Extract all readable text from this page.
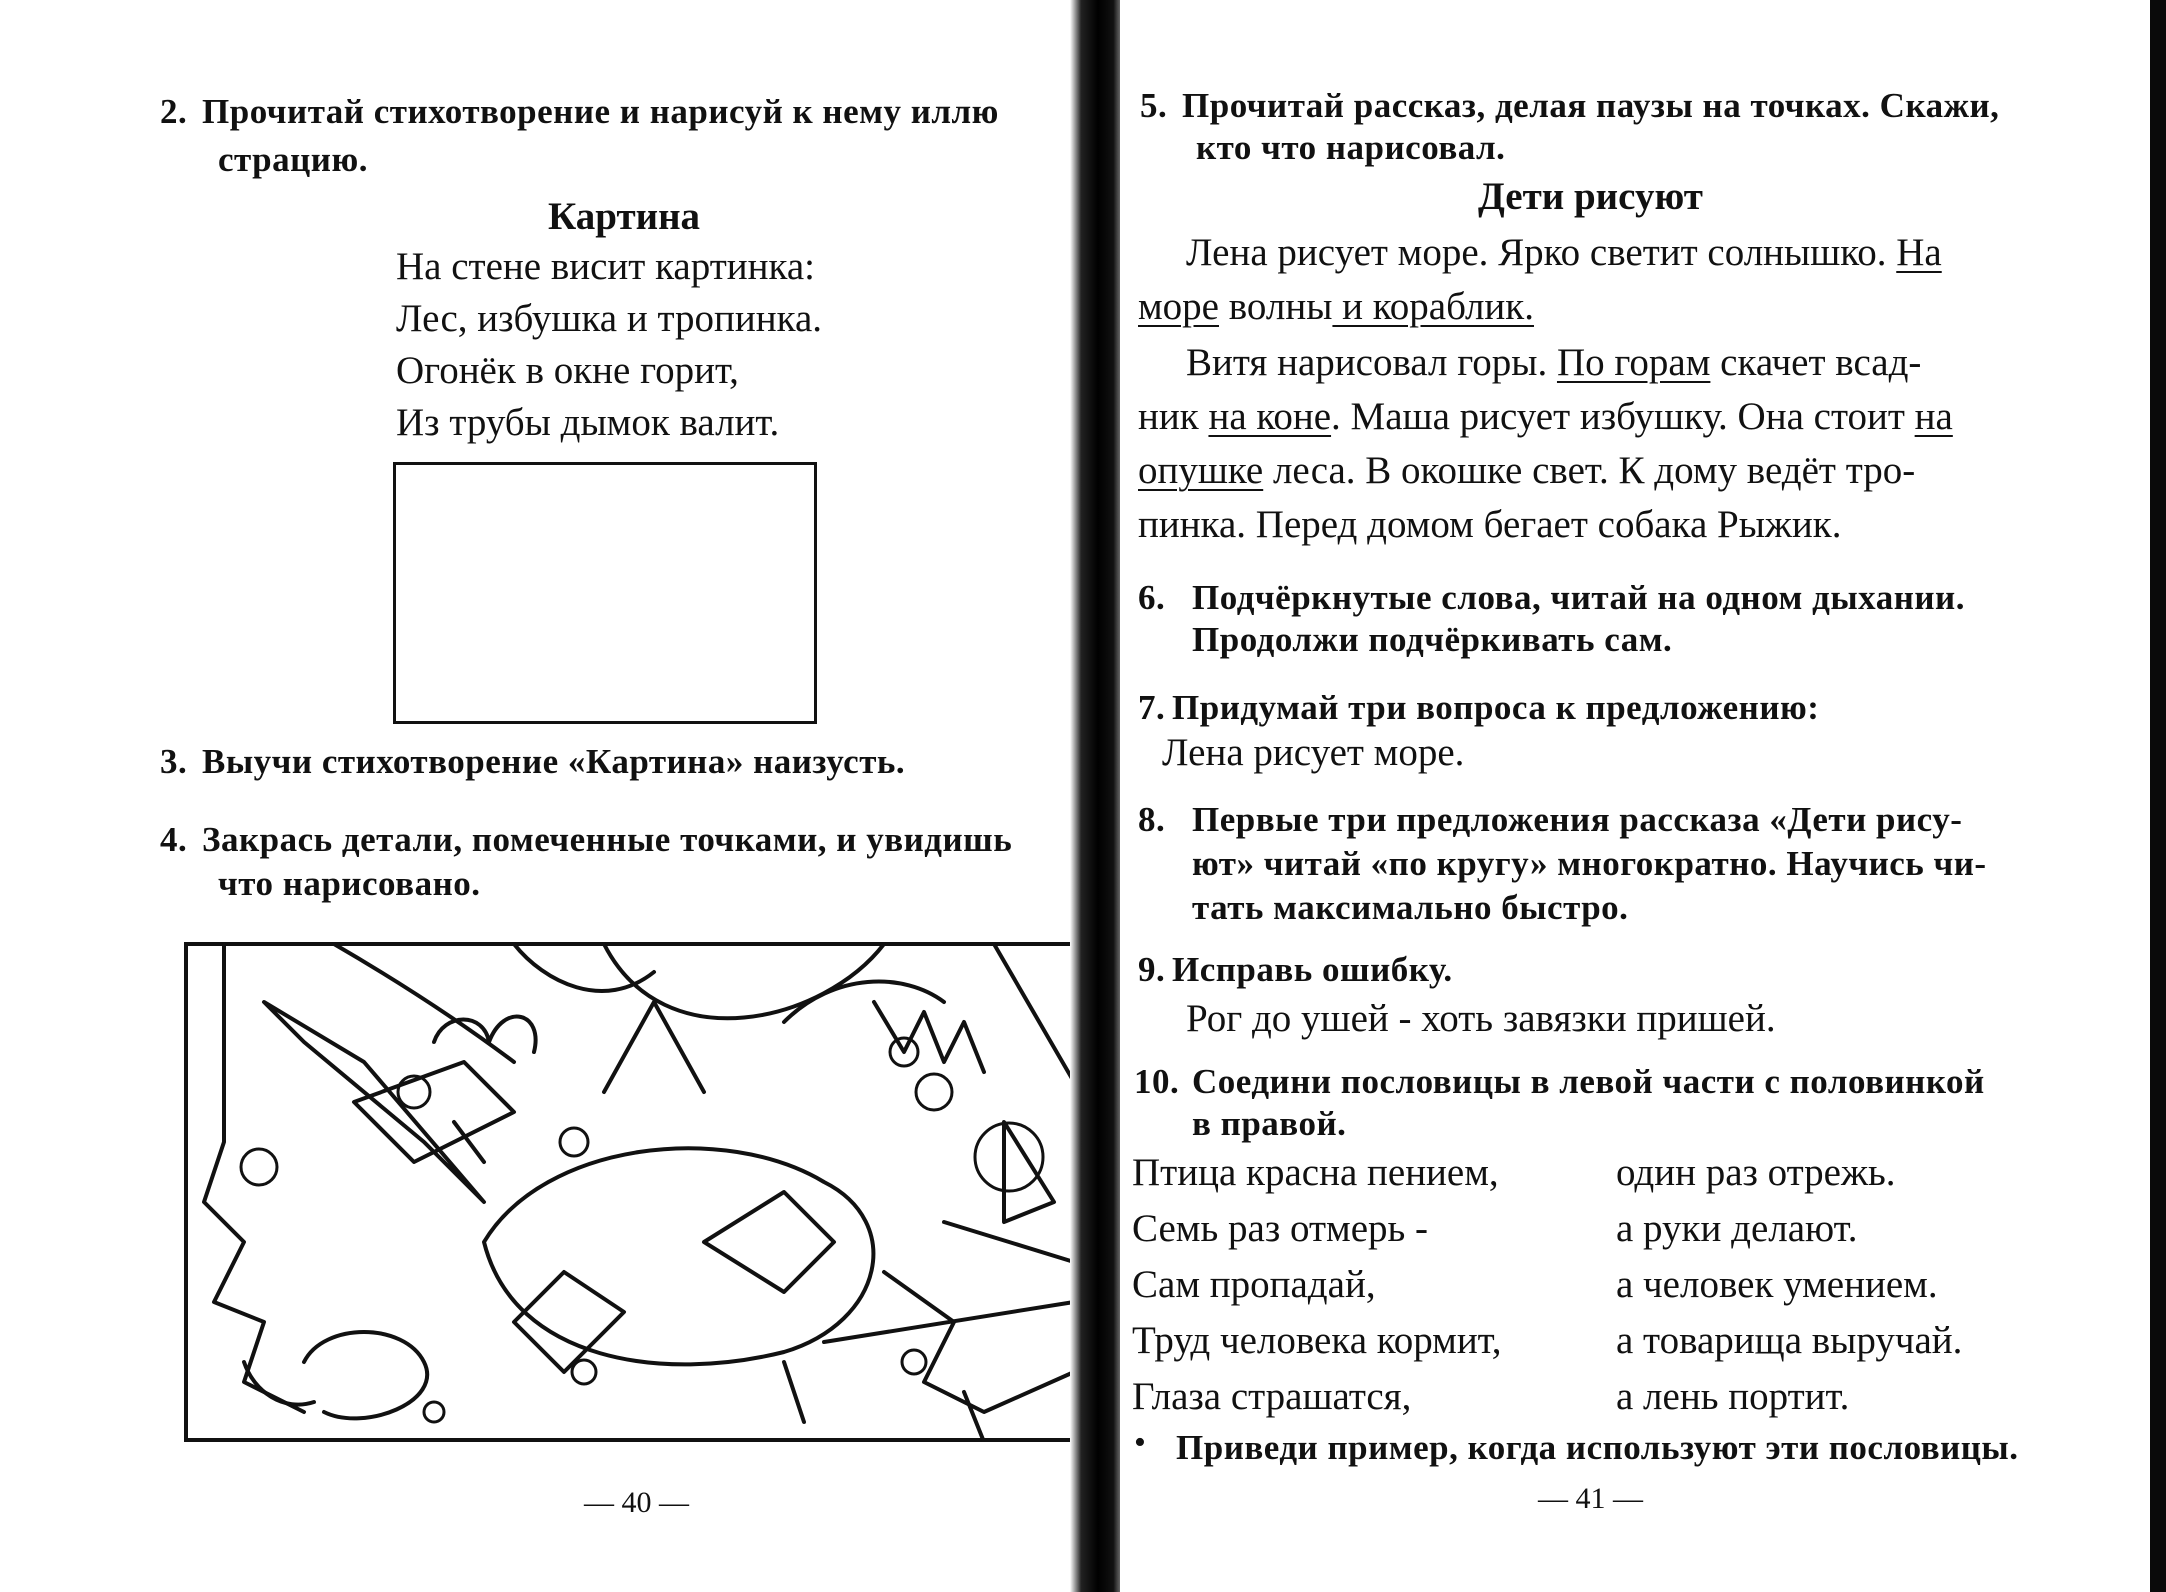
2. Прочитай стихотворение и нарисуй к нему иллю
страцию.
Картина
На стене висит картинка:
Лес, избушка и тропинка.
Огонёк в окне горит,
Из трубы дымок валит.
3. Выучи стихотворение «Картина» наизусть.
4. Закрась детали, помеченные точками, и увидишь
что нарисовано.
— 40 —
5. Прочитай рассказ, делая паузы на точках. Скажи,
кто что нарисовал.
Дети рисуют
Лена рисует море. Ярко светит солнышко. На
море волны и кораблик.
Витя нарисовал горы. По горам скачет всад-
ник на коне. Маша рисует избушку. Она стоит на
опушке леса. В окошке свет. К дому ведёт тро-
пинка. Перед домом бегает собака Рыжик.
6. Подчёркнутые слова, читай на одном дыхании.
Продолжи подчёркивать сам.
7. Придумай три вопроса к предложению:
Лена рисует море.
8. Первые три предложения рассказа «Дети рису-
ют» читай «по кругу» многократно. Научись чи-
тать максимально быстро.
9. Исправь ошибку.
Рог до ушей - хоть завязки пришей.
10. Соедини пословицы в левой части с половинкой
в правой.
Птица красна пением,
Семь раз отмерь -
Сам пропадай,
Труд человека кормит,
Глаза страшатся,
один раз отрежь.
а руки делают.
а человек умением.
а товарища выручай.
а лень портит.
• Приведи пример, когда используют эти пословицы.
— 41 —
